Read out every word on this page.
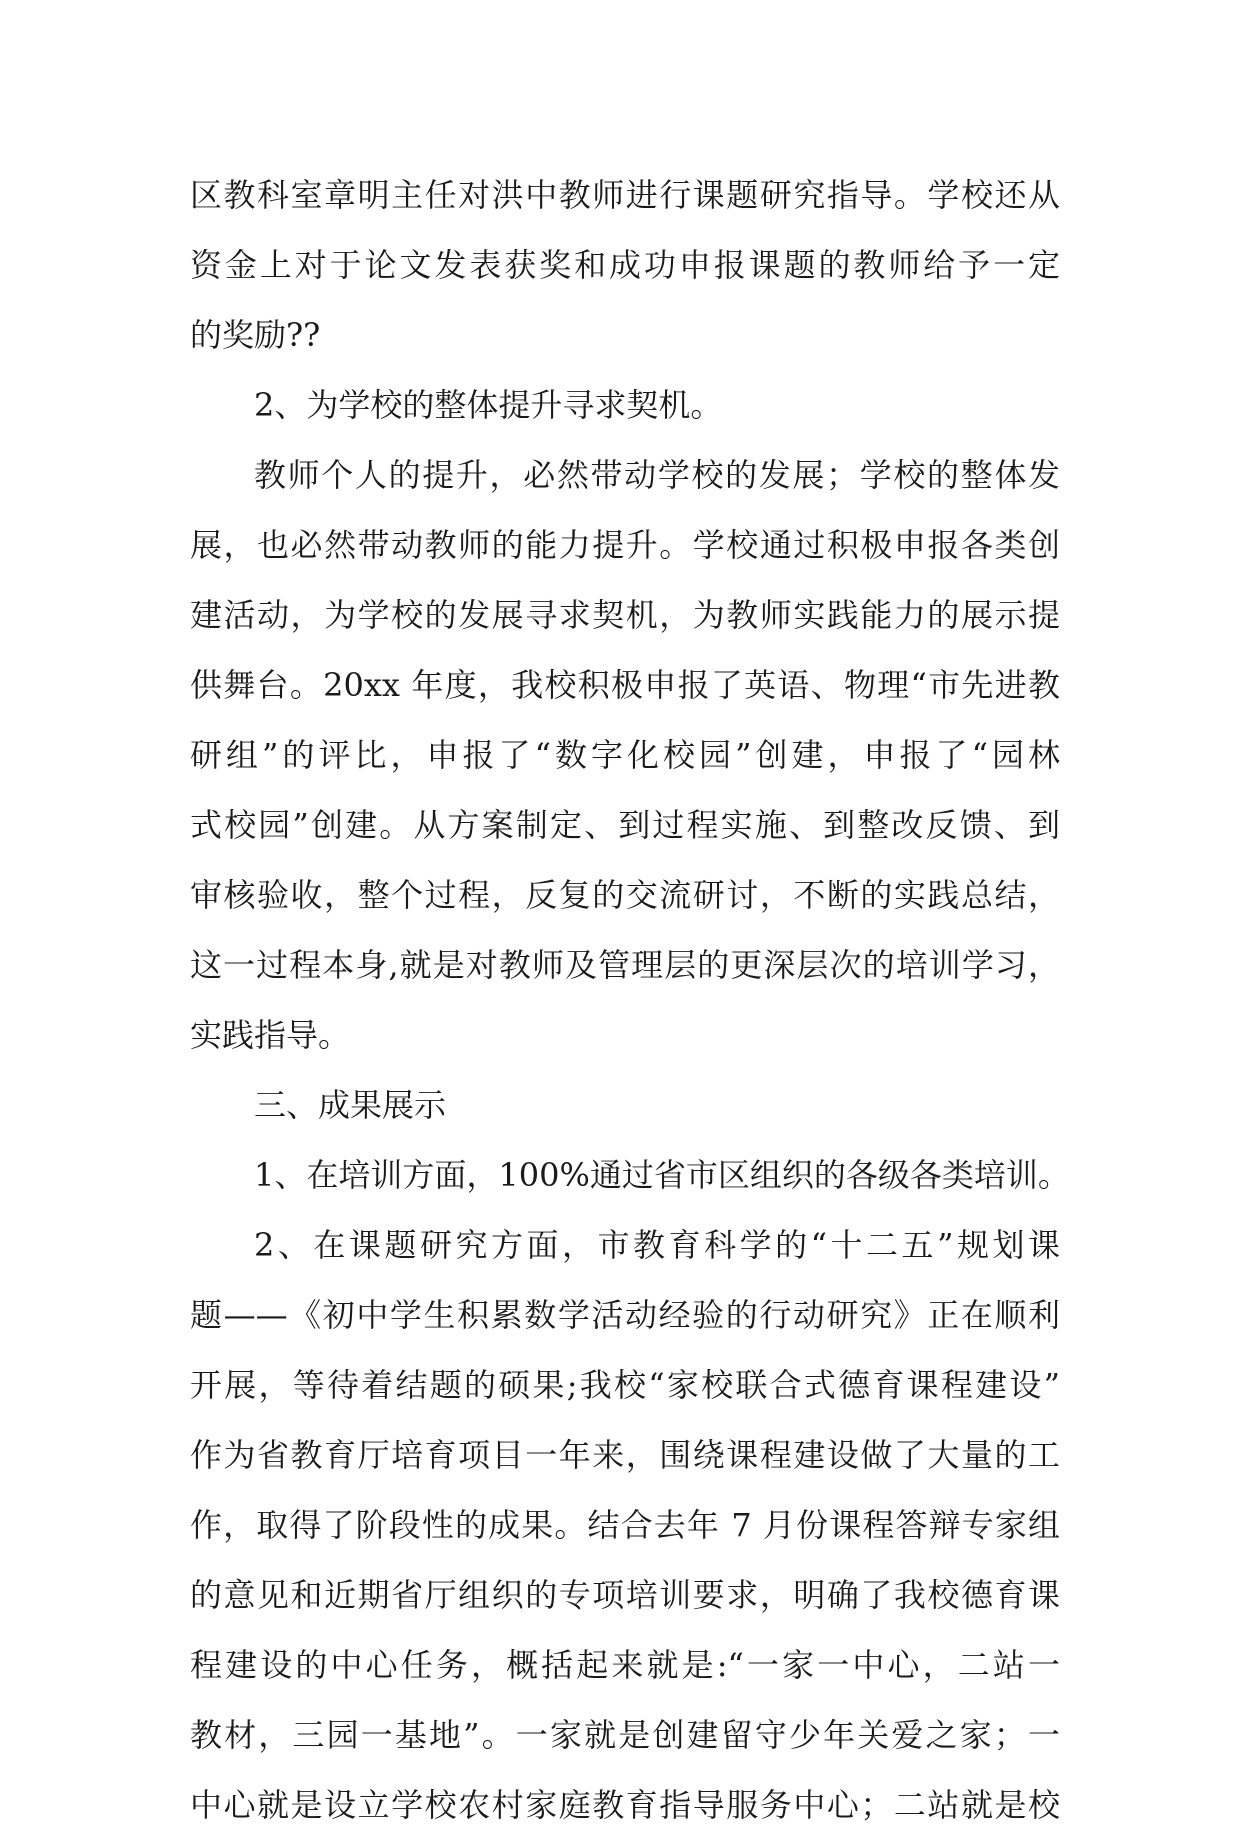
区教科室章明主任对洪中教师进行课题研究指导。学校还从
资金上对于论文发表获奖和成功申报课题的教师给予一定
的奖励??
2、为学校的整体提升寻求契机。
教师个人的提升，必然带动学校的发展；学校的整体发
展，也必然带动教师的能力提升。学校通过积极申报各类创
建活动，为学校的发展寻求契机，为教师实践能力的展示提
供舞台。20xx 年度，我校积极申报了英语、物理“市先进教
研组”的评比，申报了“数字化校园”创建，申报了“园林
式校园”创建。从方案制定、到过程实施、到整改反馈、到
审核验收，整个过程，反复的交流研讨，不断的实践总结，
这一过程本身,就是对教师及管理层的更深层次的培训学习，
实践指导。
三、成果展示
1、在培训方面，100%通过省市区组织的各级各类培训。
2、在课题研究方面，市教育科学的“十二五”规划课
题——《初中学生积累数学活动经验的行动研究》正在顺利
开展，等待着结题的硕果;我校“家校联合式德育课程建设”
作为省教育厅培育项目一年来，围绕课程建设做了大量的工
作，取得了阶段性的成果。结合去年 7 月份课程答辩专家组
的意见和近期省厅组织的专项培训要求，明确了我校德育课
程建设的中心任务，概括起来就是:“一家一中心，二站一
教材，三园一基地”。一家就是创建留守少年关爱之家；一
中心就是设立学校农村家庭教育指导服务中心；二站就是校
